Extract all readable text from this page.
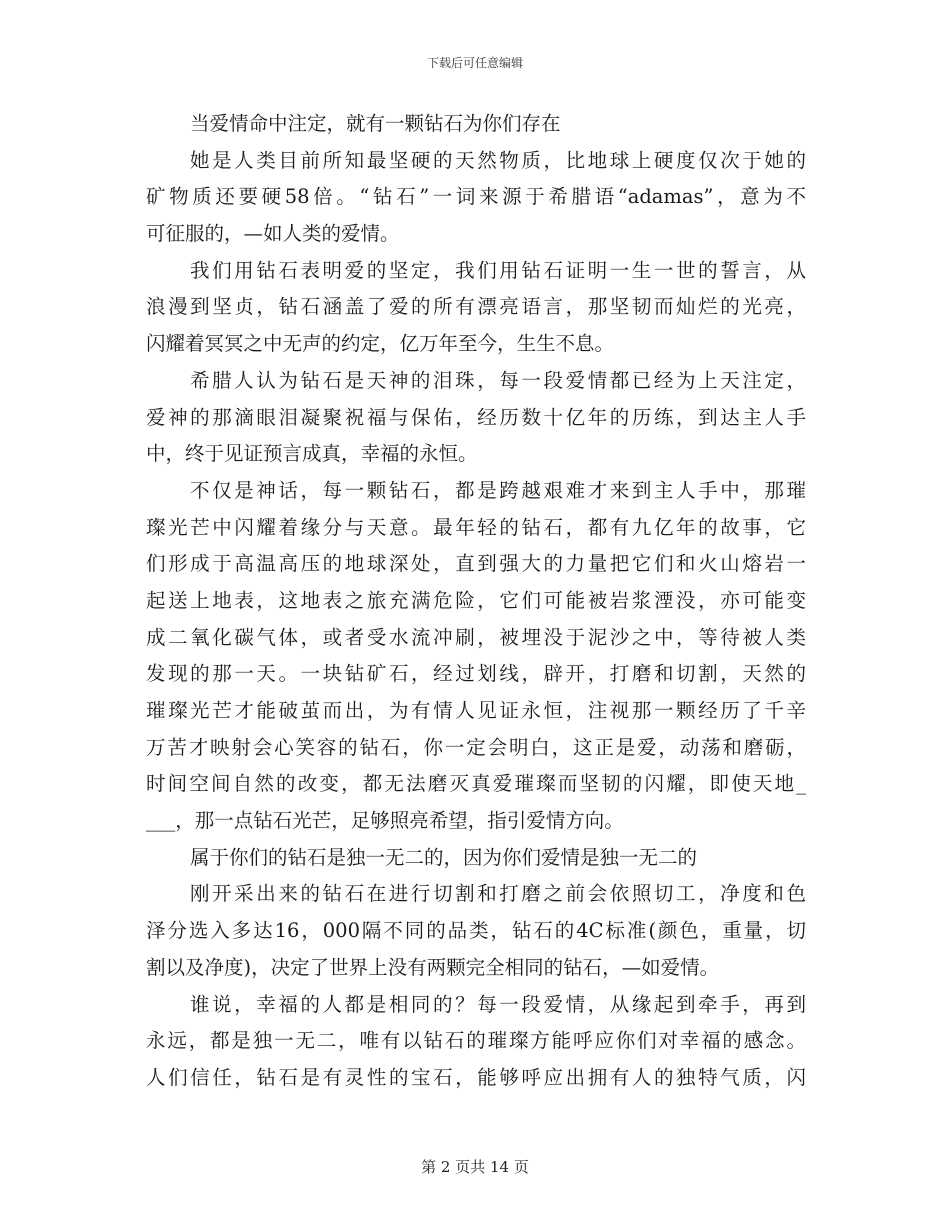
下载后可任意编辑
当爱情命中注定，就有一颗钻石为你们存在
她是人类目前所知最坚硬的天然物质，比地球上硬度仅次于她的
矿物质还要硬58倍。“钻石”一词来源于希腊语“adamas”，意为不
可征服的，—如人类的爱情。
我们用钻石表明爱的坚定，我们用钻石证明一生一世的誓言，从
浪漫到坚贞，钻石涵盖了爱的所有漂亮语言，那坚韧而灿烂的光亮，
闪耀着冥冥之中无声的约定，亿万年至今，生生不息。
希腊人认为钻石是天神的泪珠，每一段爱情都已经为上天注定，
爱神的那滴眼泪凝聚祝福与保佑，经历数十亿年的历练，到达主人手
中，终于见证预言成真，幸福的永恒。
不仅是神话，每一颗钻石，都是跨越艰难才来到主人手中，那璀
璨光芒中闪耀着缘分与天意。最年轻的钻石，都有九亿年的故事，它
们形成于高温高压的地球深处，直到强大的力量把它们和火山熔岩一
起送上地表，这地表之旅充满危险，它们可能被岩浆湮没，亦可能变
成二氧化碳气体，或者受水流冲刷，被埋没于泥沙之中，等待被人类
发现的那一天。一块钻矿石，经过划线，辟开，打磨和切割，天然的
璀璨光芒才能破茧而出，为有情人见证永恒，注视那一颗经历了千辛
万苦才映射会心笑容的钻石，你一定会明白，这正是爱，动荡和磨砺，
时间空间自然的改变，都无法磨灭真爱璀璨而坚韧的闪耀，即使天地_
___，那一点钻石光芒，足够照亮希望，指引爱情方向。
属于你们的钻石是独一无二的，因为你们爱情是独一无二的
刚开采出来的钻石在进行切割和打磨之前会依照切工，净度和色
泽分选入多达16，000隔不同的品类，钻石的4C标准(颜色，重量，切
割以及净度)，决定了世界上没有两颗完全相同的钻石，—如爱情。
谁说，幸福的人都是相同的？每一段爱情，从缘起到牵手，再到
永远，都是独一无二，唯有以钻石的璀璨方能呼应你们对幸福的感念。
人们信任，钻石是有灵性的宝石，能够呼应出拥有人的独特气质，闪
第 2 页共 14 页
